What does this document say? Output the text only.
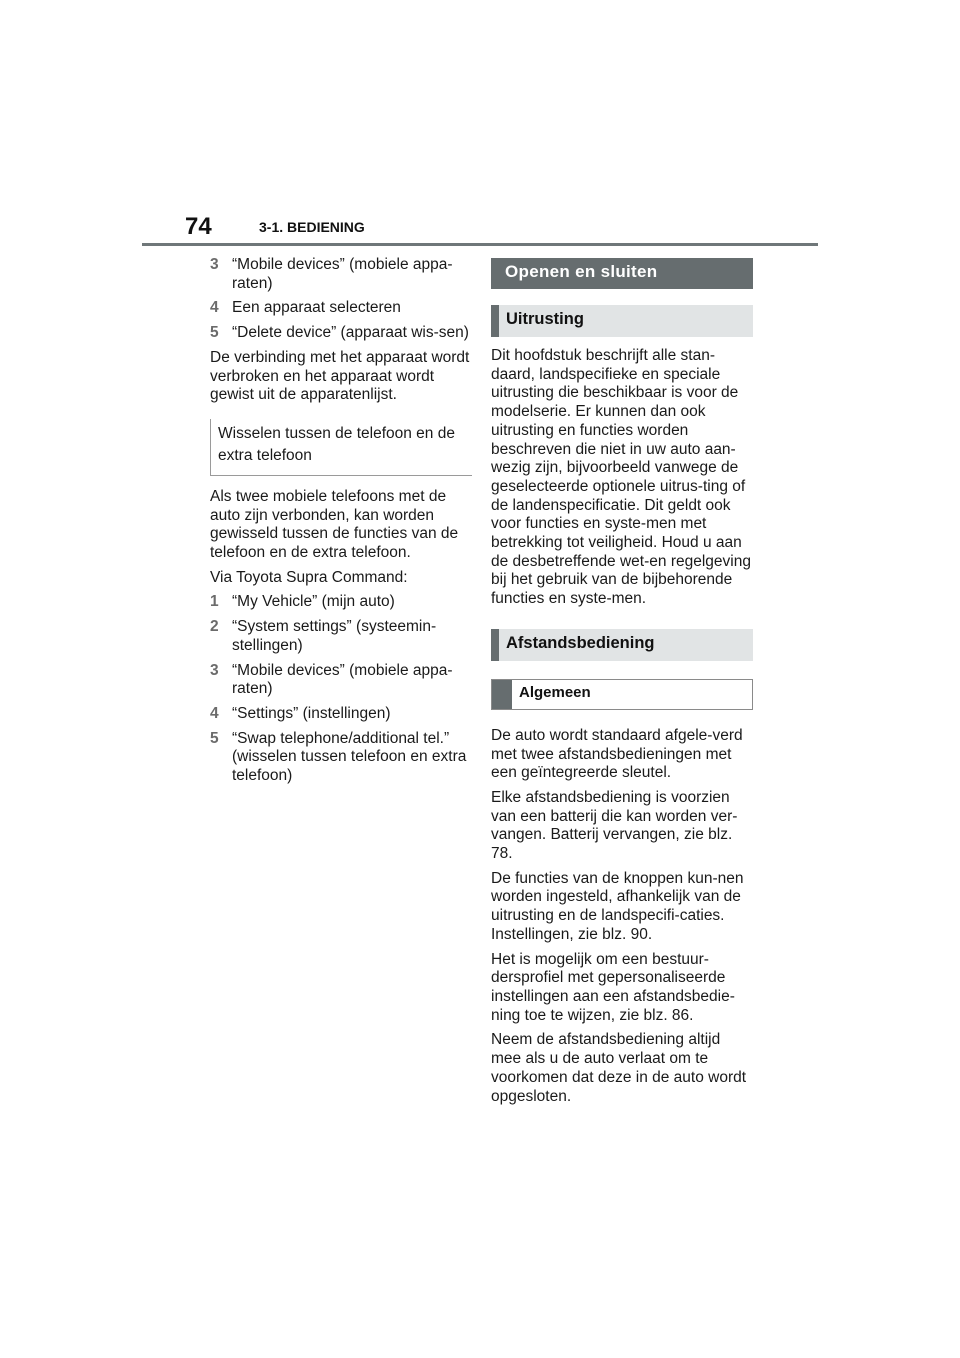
74	3-1. BEDIENING
3 “Mobile devices” (mobiele appa-raten)
4 Een apparaat selecteren
5 “Delete device” (apparaat wis-sen)

De verbinding met het apparaat wordt verbroken en het apparaat wordt gewist uit de apparatenlijst.

Wisselen tussen de telefoon en de extra telefoon

Als twee mobiele telefoons met de auto zijn verbonden, kan worden gewisseld tussen de functies van de telefoon en de extra telefoon.

Via Toyota Supra Command:

1 “My Vehicle” (mijn auto)
2 “System settings” (systeemin-stellingen)
3 “Mobile devices” (mobiele appa-raten)
4 “Settings” (instellingen)
5 “Swap telephone/additional tel.” (wisselen tussen telefoon en extra telefoon)
Openen en sluiten
Uitrusting

Dit hoofdstuk beschrijft alle stan-daard, landspecifieke en speciale uitrusting die beschikbaar is voor de modelserie. Er kunnen dan ook uitrusting en functies worden beschreven die niet in uw auto aan-wezig zijn, bijvoorbeeld vanwege de geselecteerde optionele uitrus-ting of de landenspecificatie. Dit geldt ook voor functies en syste-men met betrekking tot veiligheid. Houd u aan de desbetreffende wet-en regelgeving bij het gebruik van de bijbehorende functies en syste-men.

Afstandsbediening
Algemeen

De auto wordt standaard afgele-verd met twee afstandsbedieningen met een geïntegreerde sleutel.

Elke afstandsbediening is voorzien van een batterij die kan worden ver-vangen. Batterij vervangen, zie blz. 78.

De functies van de knoppen kun-nen worden ingesteld, afhankelijk van de uitrusting en de landspecifi-caties. Instellingen, zie blz. 90.

Het is mogelijk om een bestuur-dersprofiel met gepersonaliseerde instellingen aan een afstandsbedie-ning toe te wijzen, zie blz. 86.

Neem de afstandsbediening altijd mee als u de auto verlaat om te voorkomen dat deze in de auto wordt opgesloten.
